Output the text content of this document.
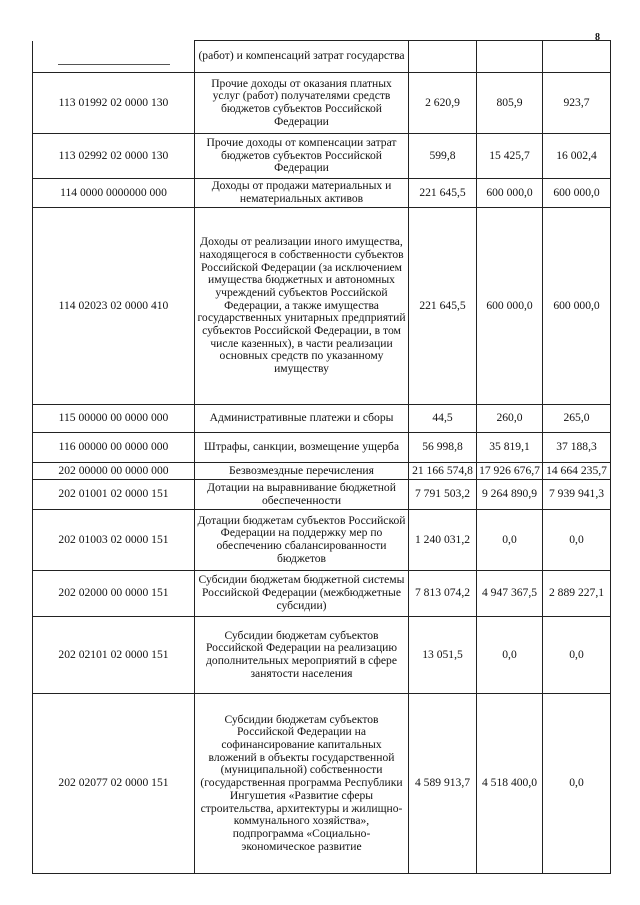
8
	(работ) и компенсаций затрат государства			
113 01992 02 0000 130	Прочие доходы от оказания платных услуг (работ) получателями средств бюджетов субъектов Российской Федерации	2 620,9	805,9	923,7
113 02992 02 0000 130	Прочие доходы от компенсации затрат бюджетов субъектов Российской Федерации	599,8	15 425,7	16 002,4
114 0000 0000000 000	Доходы от продажи материальных и нематериальных активов	221 645,5	600 000,0	600 000,0
114 02023 02 0000 410	Доходы от реализации иного имущества, находящегося в собственности субъектов Российской Федерации (за исключением имущества бюджетных и автономных учреждений субъектов Российской Федерации, а также имущества государственных унитарных предприятий субъектов Российской Федерации, в том числе казенных), в части реализации основных средств по указанному имуществу	221 645,5	600 000,0	600 000,0
115 00000 00 0000 000	Административные платежи и сборы	44,5	260,0	265,0
116 00000 00 0000 000	Штрафы, санкции, возмещение ущерба	56 998,8	35 819,1	37 188,3
202 00000 00 0000 000	Безвозмездные перечисления	21 166 574,8	17 926 676,7	14 664 235,7
202 01001 02 0000 151	Дотации на выравнивание бюджетной обеспеченности	7 791 503,2	9 264 890,9	7 939 941,3
202 01003 02 0000 151	Дотации бюджетам субъектов Российской Федерации на поддержку мер по обеспечению сбалансированности бюджетов	1 240 031,2	0,0	0,0
202 02000 00 0000 151	Субсидии бюджетам бюджетной системы Российской Федерации (межбюджетные субсидии)	7 813 074,2	4 947 367,5	2 889 227,1
202 02101 02 0000 151	Субсидии бюджетам субъектов Российской Федерации на реализацию дополнительных мероприятий в сфере занятости населения	13 051,5	0,0	0,0
202 02077 02 0000 151	Субсидии бюджетам субъектов Российской Федерации на софинансирование капитальных вложений в объекты государственной (муниципальной) собственности (государственная программа Республики Ингушетия «Развитие сферы строительства, архитектуры и жилищно-коммунального хозяйства», подпрограмма «Социально-экономическое развитие	4 589 913,7	4 518 400,0	0,0
